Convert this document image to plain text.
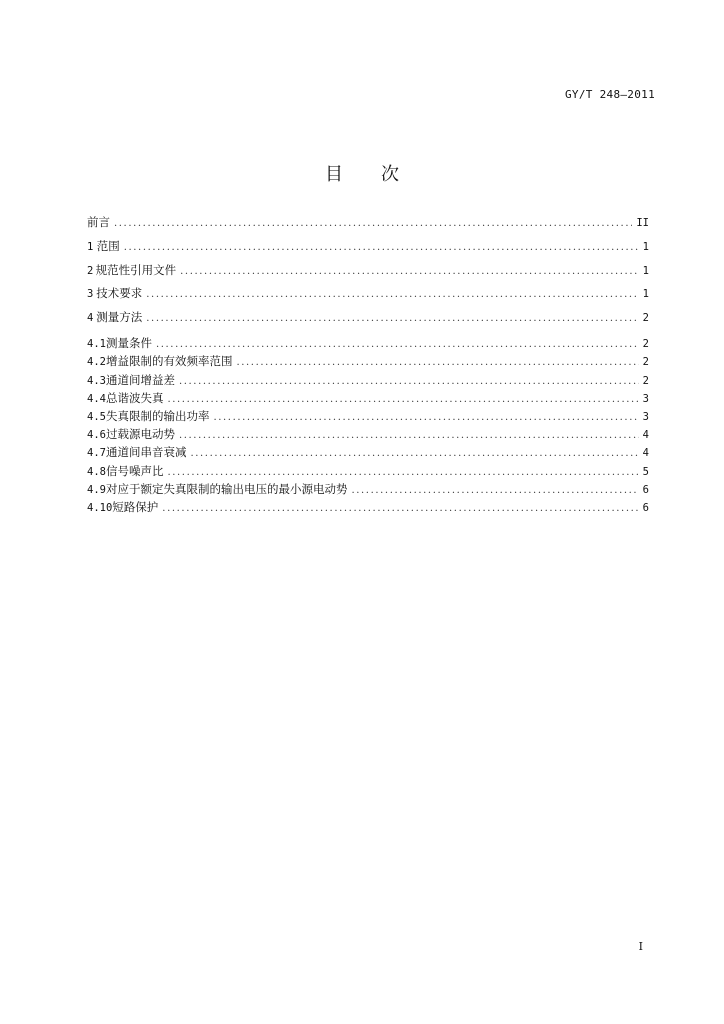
GY/T 248—2011
目 次
前言 .....	II
1 范围 .....	1
2 规范性引用文件 .....	1
3 技术要求 .....	1
4 测量方法 .....	2
4.1 测量条件 .....	2
4.2 增益限制的有效频率范围 .....	2
4.3 通道间增益差 .....	2
4.4 总谐波失真 .....	3
4.5 失真限制的输出功率 .....	3
4.6 过载源电动势 .....	4
4.7 通道间串音衰减 .....	4
4.8 信号噪声比 .....	5
4.9 对应于额定失真限制的输出电压的最小源电动势 .....	6
4.10 短路保护 .....	6
I
